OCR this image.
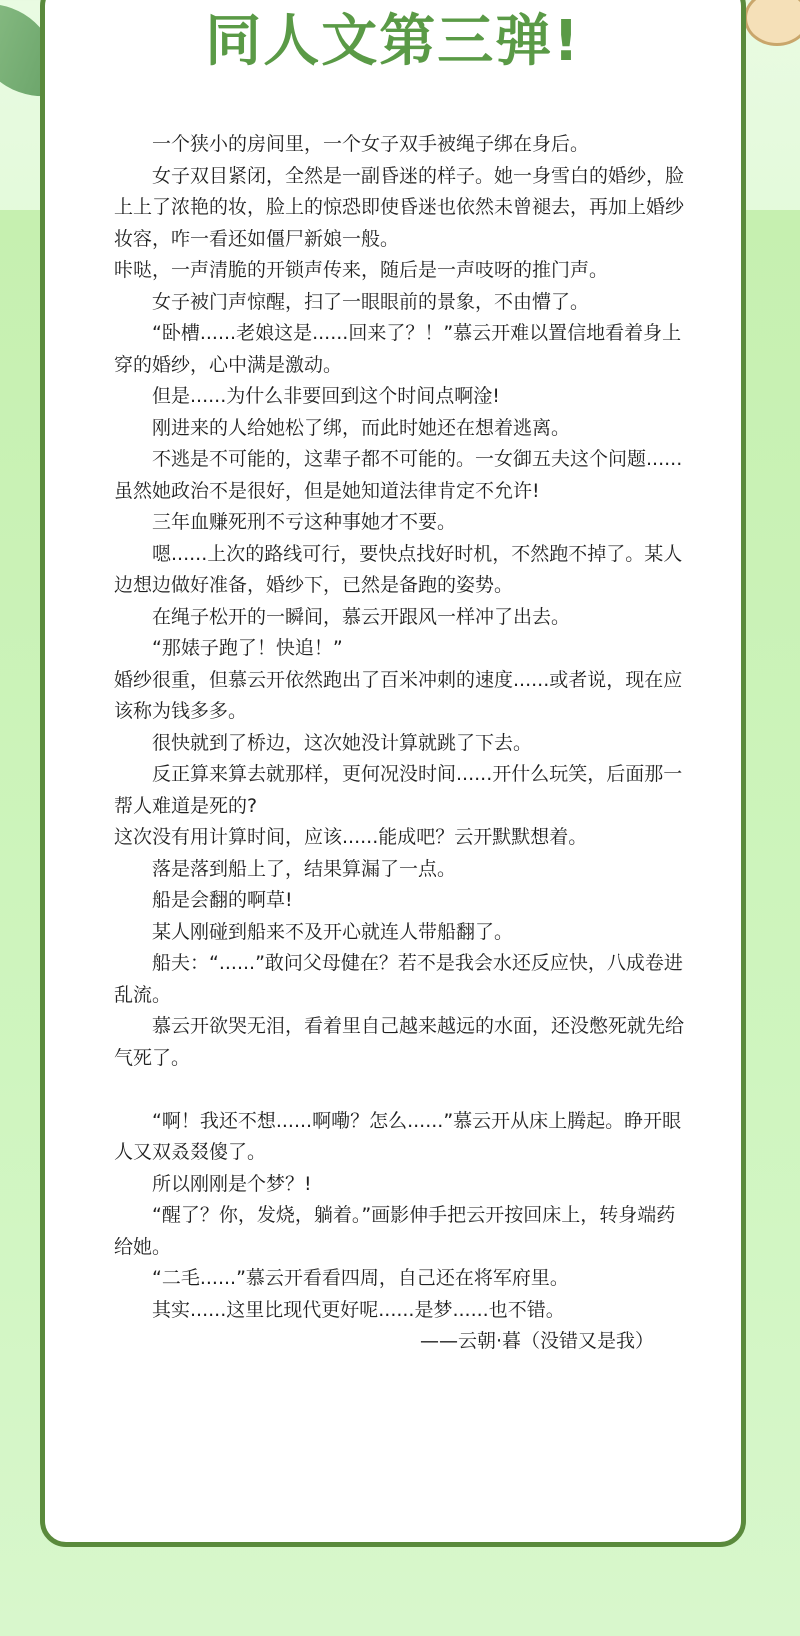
同人文第三弹!

一个狭小的房间里，一个女子双手被绳子绑在身后。

女子双目紧闭，全然是一副昏迷的样子。她一身雪白的婚纱，脸上上了浓艳的妆，脸上的惊恐即使昏迷也依然未曾褪去，再加上婚纱妆容，咋一看还如僵尸新娘一般。

咔哒，一声清脆的开锁声传来，随后是一声吱呀的推门声。

女子被门声惊醒，扫了一眼眼前的景象，不由懵了。

“卧槽......老娘这是......回来了？！”慕云开难以置信地看着身上穿的婚纱，心中满是激动。

但是......为什么非要回到这个时间点啊淦!

刚进来的人给她松了绑，而此时她还在想着逃离。

不逃是不可能的，这辈子都不可能的。一女御五夫这个问题......虽然她政治不是很好，但是她知道法律肯定不允许!

三年血赚死刑不亏这种事她才不要。

嗯......上次的路线可行，要快点找好时机，不然跑不掉了。某人边想边做好准备，婚纱下，已然是备跑的姿势。

在绳子松开的一瞬间，慕云开跟风一样冲了出去。

“那婊子跑了！快追！”

婚纱很重，但慕云开依然跑出了百米冲刺的速度......或者说，现在应该称为钱多多。

很快就到了桥边，这次她没计算就跳了下去。

反正算来算去就那样，更何况没时间......开什么玩笑，后面那一帮人难道是死的?

这次没有用计算时间，应该......能成吧？云开默默想着。

落是落到船上了，结果算漏了一点。

船是会翻的啊草!

某人刚碰到船来不及开心就连人带船翻了。

船夫：“......”敢问父母健在？若不是我会水还反应快，八成卷进乱流。

慕云开欲哭无泪，看着里自己越来越远的水面，还没憋死就先给气死了。

“啊！我还不想......啊嘞？怎么......”慕云开从床上腾起。睁开眼人又双叒叕傻了。

所以刚刚是个梦？!

“醒了？你，发烧，躺着。”画影伸手把云开按回床上，转身端药给她。

“二毛......”慕云开看看四周，自己还在将军府里。

其实......这里比现代更好呢......是梦......也不错。

——云朝·暮（没错又是我）
